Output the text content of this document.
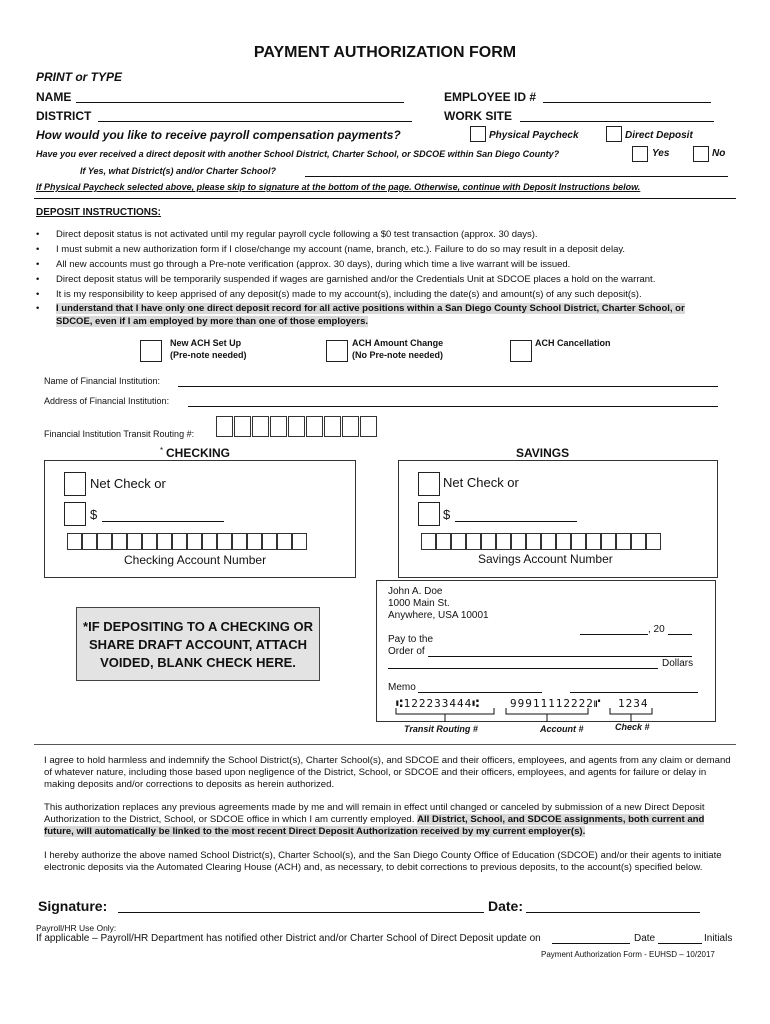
PAYMENT AUTHORIZATION FORM
PRINT or TYPE
NAME	EMPLOYEE ID #
DISTRICT	WORK SITE
How would you like to receive payroll compensation payments?	Physical Paycheck	Direct Deposit
Have you ever received a direct deposit with another School District, Charter School, or SDCOE within San Diego County?	Yes	No
If Yes, what District(s) and/or Charter School?
If Physical Paycheck selected above, please skip to signature at the bottom of the page. Otherwise, continue with Deposit Instructions below.
DEPOSIT INSTRUCTIONS:
• Direct deposit status is not activated until my regular payroll cycle following a $0 test transaction (approx. 30 days).
• I must submit a new authorization form if I close/change my account (name, branch, etc.). Failure to do so may result in a deposit delay.
• All new accounts must go through a Pre-note verification (approx. 30 days), during which time a live warrant will be issued.
• Direct deposit status will be temporarily suspended if wages are garnished and/or the Credentials Unit at SDCOE places a hold on the warrant.
• It is my responsibility to keep apprised of any deposit(s) made to my account(s), including the date(s) and amount(s) of any such deposit(s).
• I understand that I have only one direct deposit record for all active positions within a San Diego County School District, Charter School, or
SDCOE, even if I am employed by more than one of those employers.
New ACH Set Up
(Pre-note needed)
ACH Amount Change
(No Pre-note needed)
ACH Cancellation
Name of Financial Institution:
Address of Financial Institution:
Financial Institution Transit Routing #:
* CHECKING	SAVINGS
Net Check or
$
Checking Account Number
Net Check or
$
Savings Account Number
*IF DEPOSITING TO A CHECKING OR SHARE DRAFT ACCOUNT, ATTACH VOIDED, BLANK CHECK HERE.
John A. Doe
1000 Main St.
Anywhere, USA 10001
, 20
Pay to the
Order of
Dollars
Memo
⑆122233444⑆	99911112222⑈ 1234
Transit Routing #	Account #	Check #

I agree to hold harmless and indemnify the School District(s), Charter School(s), and SDCOE and their officers, employees, and agents from any claim or demand of whatever nature, including those based upon negligence of the District, School, or SDCOE and their officers, employees, and agents for failure or delay in making deposits and/or corrections to deposits as herein authorized.

This authorization replaces any previous agreements made by me and will remain in effect until changed or canceled by submission of a new Direct Deposit Authorization to the District, School, or SDCOE office in which I am currently employed. All District, School, and SDCOE assignments, both current and future, will automatically be linked to the most recent Direct Deposit Authorization received by my current employer(s).

I hereby authorize the above named School District(s), Charter School(s), and the San Diego County Office of Education (SDCOE) and/or their agents to initiate electronic deposits via the Automated Clearing House (ACH) and, as necessary, to debit corrections to previous deposits, to the account(s) specified below.

Signature:	Date:
Payroll/HR Use Only:
If applicable – Payroll/HR Department has notified other District and/or Charter School of Direct Deposit update on	Date	Initials
Payment Authorization Form - EUHSD – 10/2017
